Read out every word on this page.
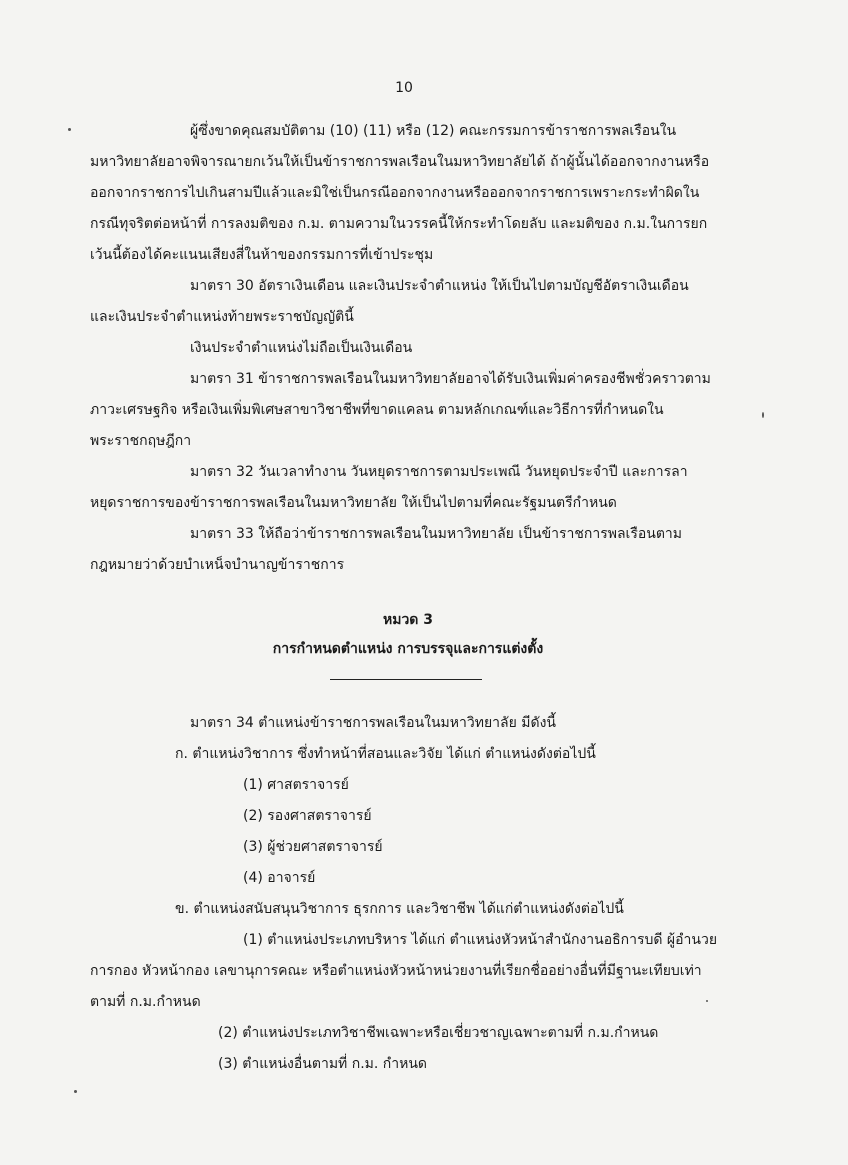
10
ผู้ซึ่งขาดคุณสมบัติตาม (10) (11) หรือ (12) คณะกรรมการข้าราชการพลเรือนใน
มหาวิทยาลัยอาจพิจารณายกเว้นให้เป็นข้าราชการพลเรือนในมหาวิทยาลัยได้ ถ้าผู้นั้นได้ออกจากงานหรือ
ออกจากราชการไปเกินสามปีแล้วและมิใช่เป็นกรณีออกจากงานหรือออกจากราชการเพราะกระทำผิดใน
กรณีทุจริตต่อหน้าที่ การลงมติของ ก.ม. ตามความในวรรคนี้ให้กระทำโดยลับ และมติของ ก.ม.ในการยก
เว้นนี้ต้องได้คะแนนเสียงสี่ในห้าของกรรมการที่เข้าประชุม
มาตรา 30 อัตราเงินเดือน และเงินประจำตำแหน่ง ให้เป็นไปตามบัญชีอัตราเงินเดือน
และเงินประจำตำแหน่งท้ายพระราชบัญญัตินี้
เงินประจำตำแหน่งไม่ถือเป็นเงินเดือน
มาตรา 31 ข้าราชการพลเรือนในมหาวิทยาลัยอาจได้รับเงินเพิ่มค่าครองชีพชั่วคราวตาม
ภาวะเศรษฐกิจ หรือเงินเพิ่มพิเศษสาขาวิชาชีพที่ขาดแคลน ตามหลักเกณฑ์และวิธีการที่กำหนดใน
พระราชกฤษฎีกา
มาตรา 32 วันเวลาทำงาน วันหยุดราชการตามประเพณี วันหยุดประจำปี และการลา
หยุดราชการของข้าราชการพลเรือนในมหาวิทยาลัย ให้เป็นไปตามที่คณะรัฐมนตรีกำหนด
มาตรา 33 ให้ถือว่าข้าราชการพลเรือนในมหาวิทยาลัย เป็นข้าราชการพลเรือนตาม
กฎหมายว่าด้วยบำเหน็จบำนาญข้าราชการ
หมวด 3
การกำหนดตำแหน่ง การบรรจุและการแต่งตั้ง
มาตรา 34 ตำแหน่งข้าราชการพลเรือนในมหาวิทยาลัย มีดังนี้
ก. ตำแหน่งวิชาการ ซึ่งทำหน้าที่สอนและวิจัย ได้แก่ ตำแหน่งดังต่อไปนี้
(1) ศาสตราจารย์
(2) รองศาสตราจารย์
(3) ผู้ช่วยศาสตราจารย์
(4) อาจารย์
ข. ตำแหน่งสนับสนุนวิชาการ ธุรกการ และวิชาชีพ ได้แก่ตำแหน่งดังต่อไปนี้
(1) ตำแหน่งประเภทบริหาร ได้แก่ ตำแหน่งหัวหน้าสำนักงานอธิการบดี ผู้อำนวย
การกอง หัวหน้ากอง เลขานุการคณะ หรือตำแหน่งหัวหน้าหน่วยงานที่เรียกชื่ออย่างอื่นที่มีฐานะเทียบเท่า
ตามที่ ก.ม.กำหนด
(2) ตำแหน่งประเภทวิชาชีพเฉพาะหรือเชี่ยวชาญเฉพาะตามที่ ก.ม.กำหนด
(3) ตำแหน่งอื่นตามที่ ก.ม. กำหนด
